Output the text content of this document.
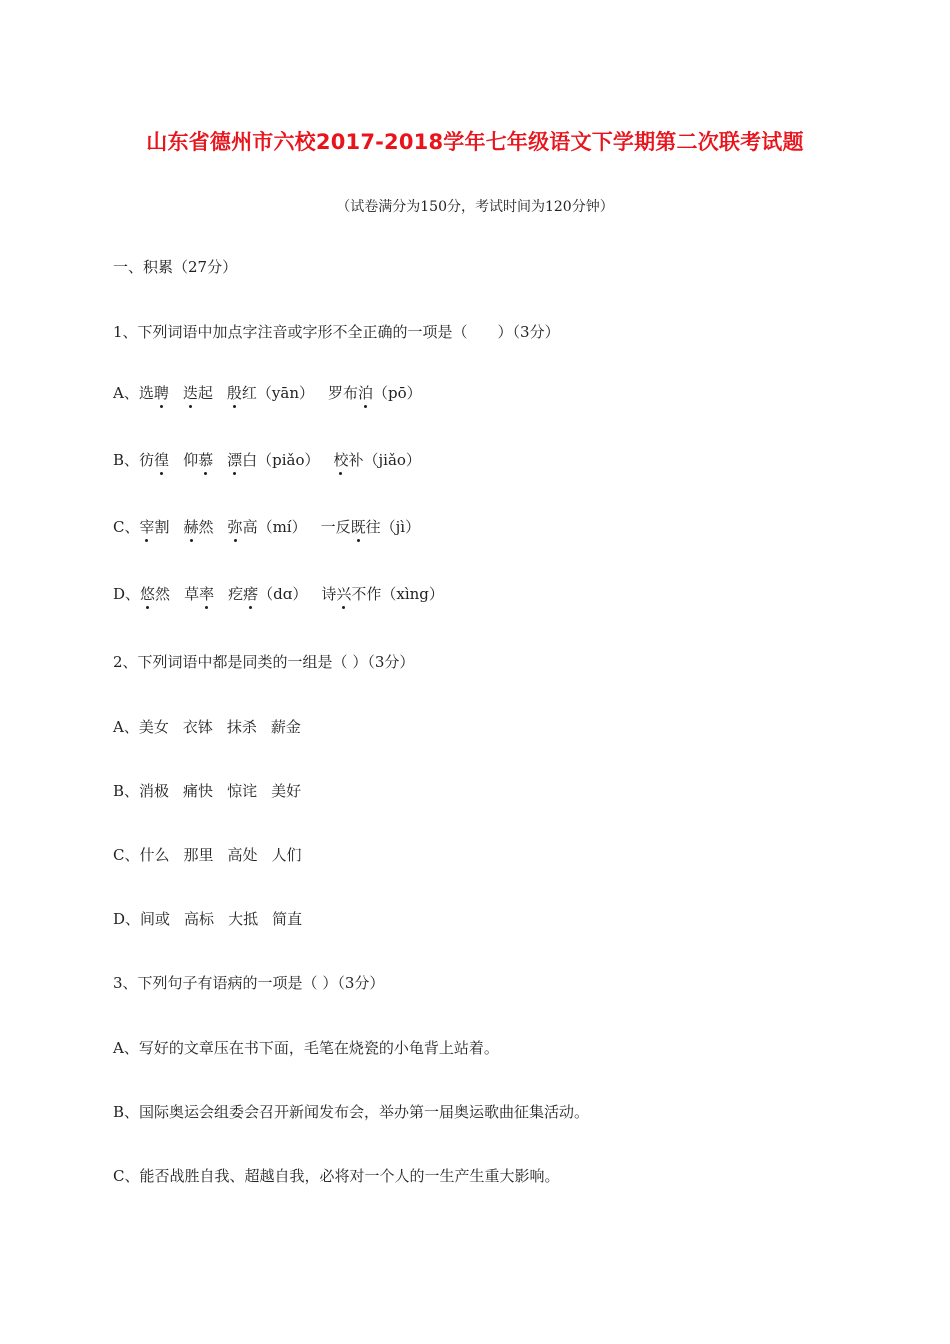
山东省德州市六校2017-2018学年七年级语文下学期第二次联考试题
（试卷满分为150分，考试时间为120分钟）
一、积累（27分）
1、下列词语中加点字注音或字形不全正确的一项是（　　）（3分）
A、选聘 迭起 殷红（yān） 罗布泊（pō）
B、彷徨 仰慕 漂白（piǎo） 校补（jiǎo）
C、宰割 赫然 弥高（mí） 一反既往（jì）
D、悠然 草率 疙瘩（dɑ） 诗兴不作（xìng）
2、下列词语中都是同类的一组是（ ）（3分）
A、美女 衣钵 抹杀 薪金
B、消极 痛快 惊诧 美好
C、什么 那里 高处 人们
D、间或 高标 大抵 简直
3、下列句子有语病的一项是（ ）（3分）
A、写好的文章压在书下面，毛笔在烧瓷的小龟背上站着。
B、国际奥运会组委会召开新闻发布会，举办第一届奥运歌曲征集活动。
C、能否战胜自我、超越自我，必将对一个人的一生产生重大影响。
